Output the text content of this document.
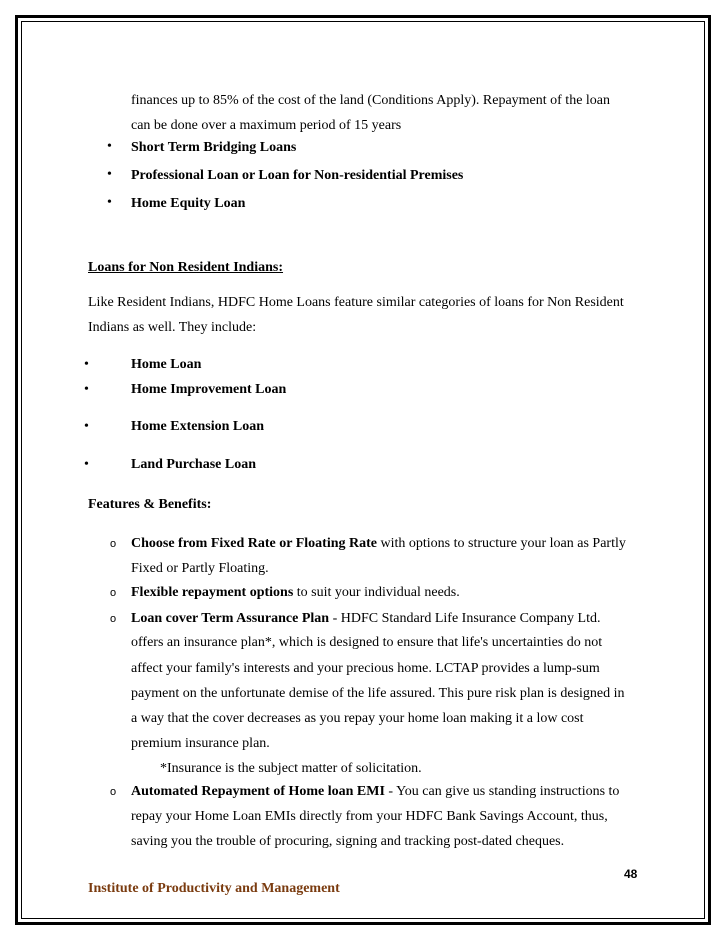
finances up to 85% of the cost of the land (Conditions Apply). Repayment of the loan
can be done over a maximum period of 15 years
• Short Term Bridging Loans
• Professional Loan or Loan for Non-residential Premises
• Home Equity Loan
Loans for Non Resident Indians:
Like Resident Indians, HDFC Home Loans feature similar categories of loans for Non Resident
Indians as well. They include:
•	Home Loan
•	Home Improvement Loan
•	Home Extension Loan
•	Land Purchase Loan
Features & Benefits:
o Choose from Fixed Rate or Floating Rate with options to structure your loan as Partly
Fixed or Partly Floating.
o Flexible repayment options to suit your individual needs.
o Loan cover Term Assurance Plan - HDFC Standard Life Insurance Company Ltd.
offers an insurance plan*, which is designed to ensure that life's uncertainties do not
affect your family's interests and your precious home. LCTAP provides a lump-sum
payment on the unfortunate demise of the life assured. This pure risk plan is designed in
a way that the cover decreases as you repay your home loan making it a low cost
premium insurance plan.
*Insurance is the subject matter of solicitation.
o Automated Repayment of Home loan EMI - You can give us standing instructions to
repay your Home Loan EMIs directly from your HDFC Bank Savings Account, thus,
saving you the trouble of procuring, signing and tracking post-dated cheques.
48
Institute of Productivity and Management
